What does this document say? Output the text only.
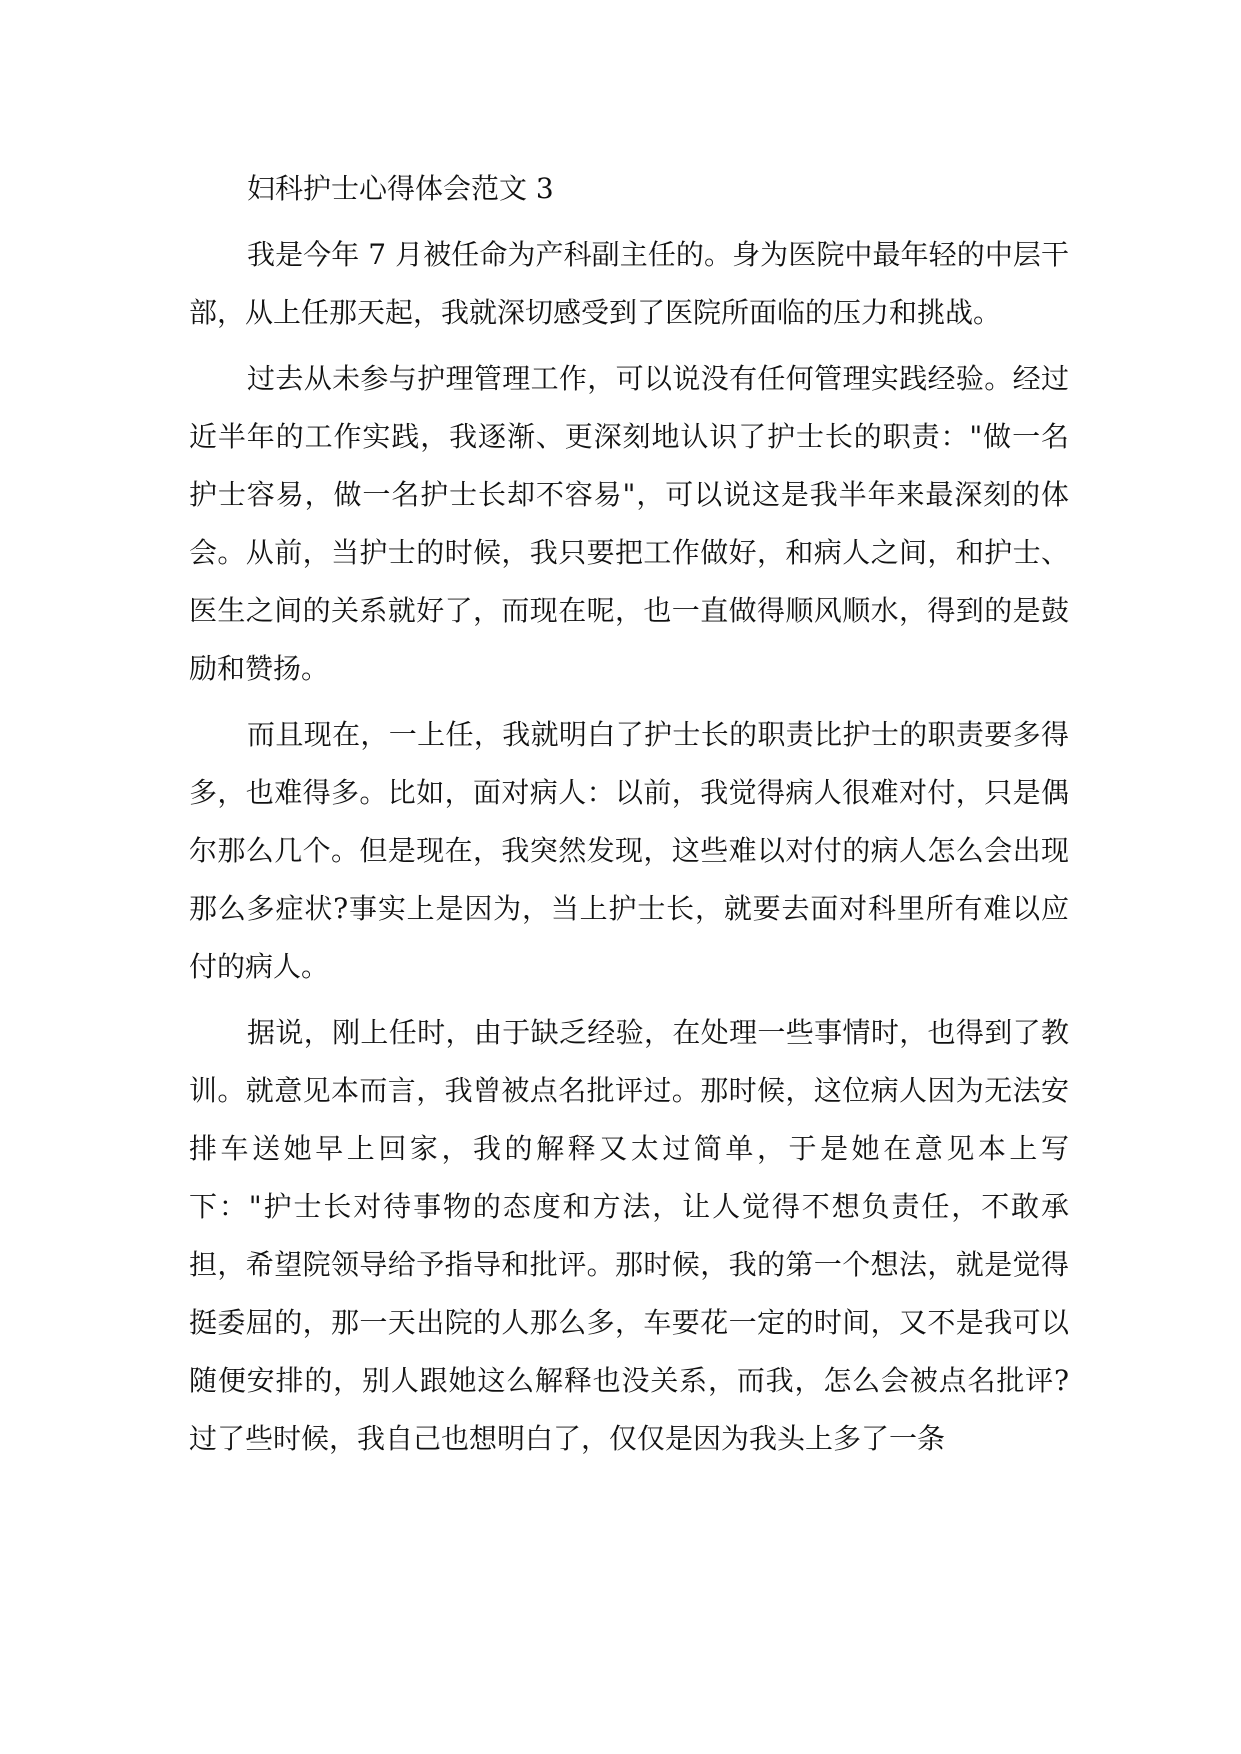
妇科护士心得体会范文 3

我是今年 7 月被任命为产科副主任的。身为医院中最年轻的中层干部，从上任那天起，我就深切感受到了医院所面临的压力和挑战。

过去从未参与护理管理工作，可以说没有任何管理实践经验。经过近半年的工作实践，我逐渐、更深刻地认识了护士长的职责："做一名护士容易，做一名护士长却不容易"，可以说这是我半年来最深刻的体会。从前，当护士的时候，我只要把工作做好，和病人之间，和护士、医生之间的关系就好了，而现在呢，也一直做得顺风顺水，得到的是鼓励和赞扬。

而且现在，一上任，我就明白了护士长的职责比护士的职责要多得多，也难得多。比如，面对病人：以前，我觉得病人很难对付，只是偶尔那么几个。但是现在，我突然发现，这些难以对付的病人怎么会出现那么多症状?事实上是因为，当上护士长，就要去面对科里所有难以应付的病人。

据说，刚上任时，由于缺乏经验，在处理一些事情时，也得到了教训。就意见本而言，我曾被点名批评过。那时候，这位病人因为无法安排车送她早上回家，我的解释又太过简单，于是她在意见本上写下："护士长对待事物的态度和方法，让人觉得不想负责任，不敢承担，希望院领导给予指导和批评。那时候，我的第一个想法，就是觉得挺委屈的，那一天出院的人那么多，车要花一定的时间，又不是我可以随便安排的，别人跟她这么解释也没关系，而我，怎么会被点名批评?过了些时候，我自己也想明白了，仅仅是因为我头上多了一条
